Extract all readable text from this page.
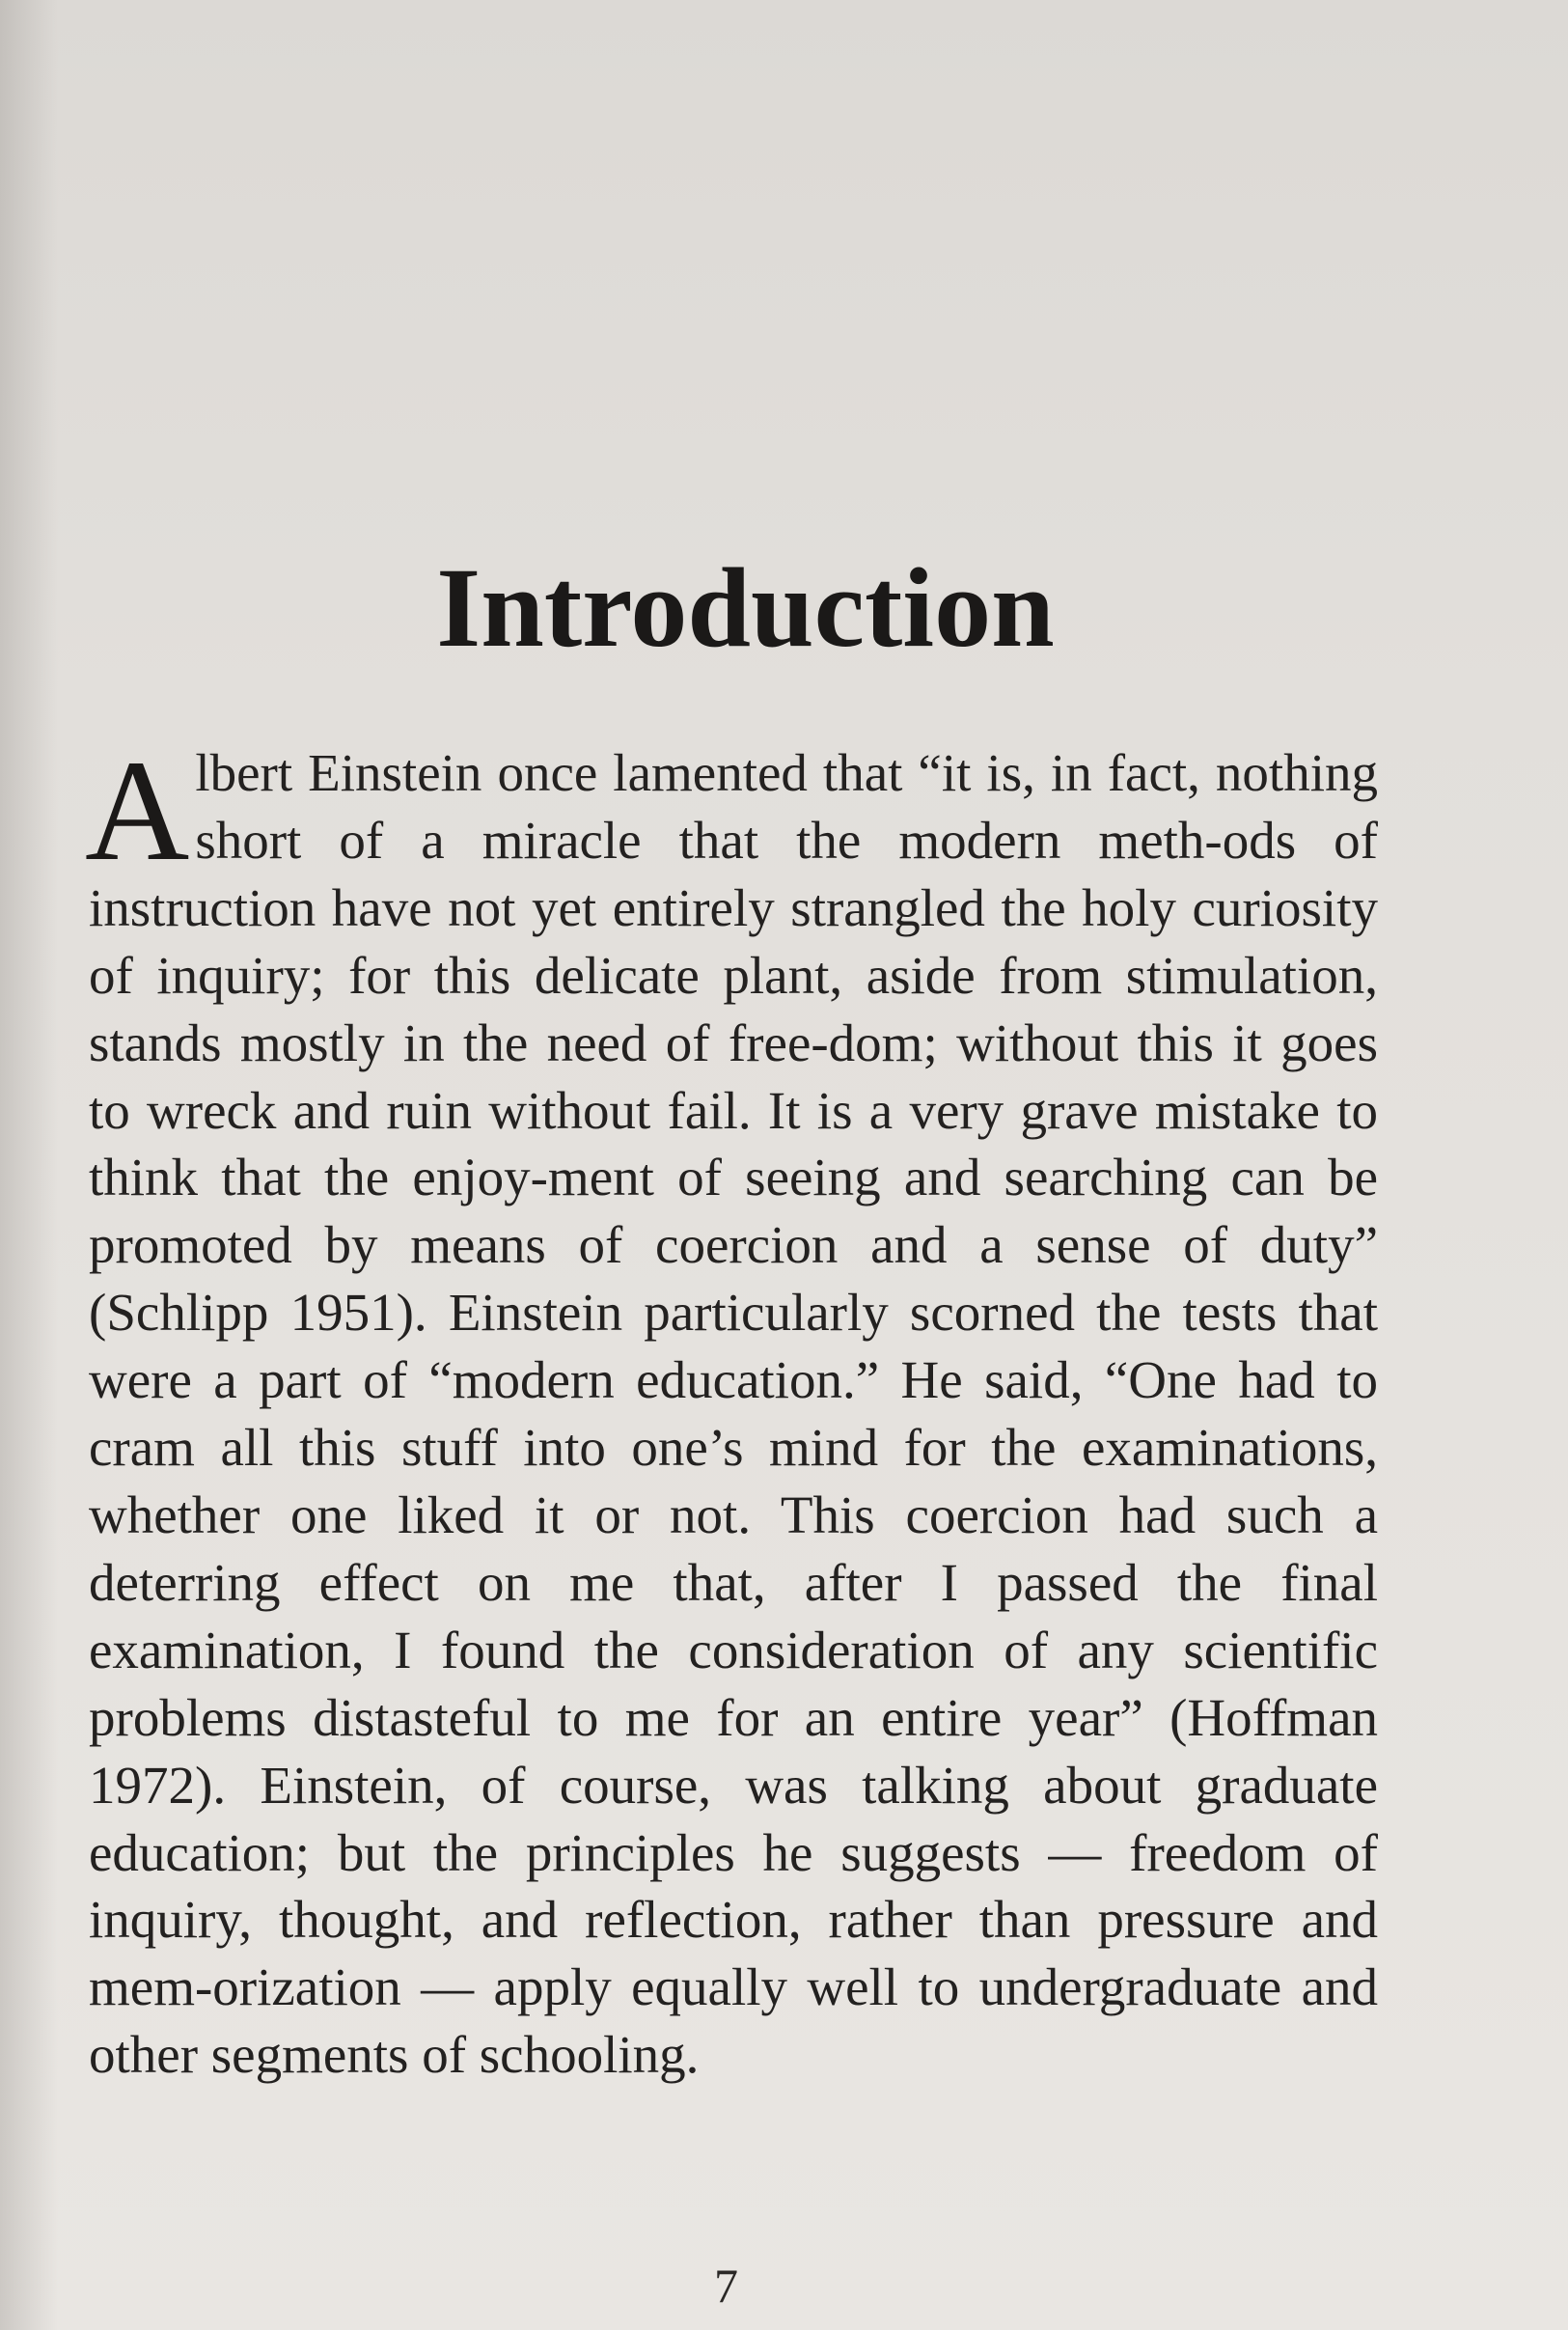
Introduction

Albert Einstein once lamented that “it is, in fact, nothing short of a miracle that the modern meth-ods of instruction have not yet entirely strangled the holy curiosity of inquiry; for this delicate plant, aside from stimulation, stands mostly in the need of free-dom; without this it goes to wreck and ruin without fail. It is a very grave mistake to think that the enjoy-ment of seeing and searching can be promoted by means of coercion and a sense of duty” (Schlipp 1951). Einstein particularly scorned the tests that were a part of “modern education.” He said, “One had to cram all this stuff into one’s mind for the examinations, whether one liked it or not. This coercion had such a deterring effect on me that, after I passed the final examination, I found the consideration of any scientific problems distasteful to me for an entire year” (Hoffman 1972). Einstein, of course, was talking about graduate education; but the principles he suggests — freedom of inquiry, thought, and reflection, rather than pressure and mem-orization — apply equally well to undergraduate and other segments of schooling.

7
